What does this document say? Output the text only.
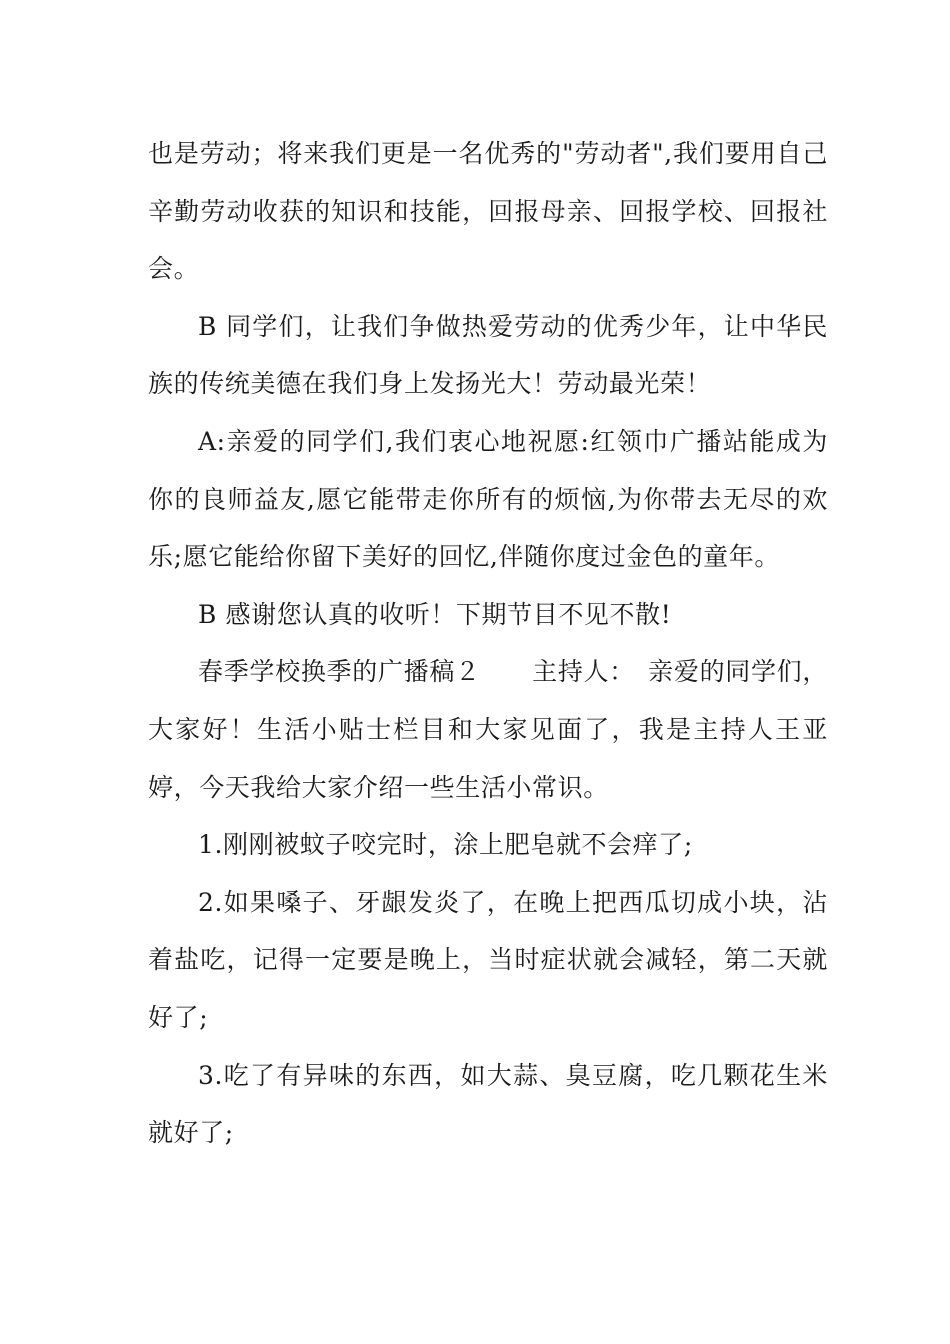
也是劳动；将来我们更是一名优秀的"劳动者",我们要用自己辛勤劳动收获的知识和技能，回报母亲、回报学校、回报社会。

B 同学们，让我们争做热爱劳动的优秀少年，让中华民族的传统美德在我们身上发扬光大！劳动最光荣！

A:亲爱的同学们,我们衷心地祝愿:红领巾广播站能成为你的良师益友,愿它能带走你所有的烦恼,为你带去无尽的欢乐;愿它能给你留下美好的回忆,伴随你度过金色的童年。

B 感谢您认真的收听！下期节目不见不散!

春季学校换季的广播稿２　　主持人：　亲爱的同学们，大家好！生活小贴士栏目和大家见面了，我是主持人王亚婷，今天我给大家介绍一些生活小常识。

1.刚刚被蚊子咬完时，涂上肥皂就不会痒了;

2.如果嗓子、牙龈发炎了，在晚上把西瓜切成小块，沾着盐吃，记得一定要是晚上，当时症状就会减轻，第二天就好了;

3.吃了有异味的东西，如大蒜、臭豆腐，吃几颗花生米就好了;
